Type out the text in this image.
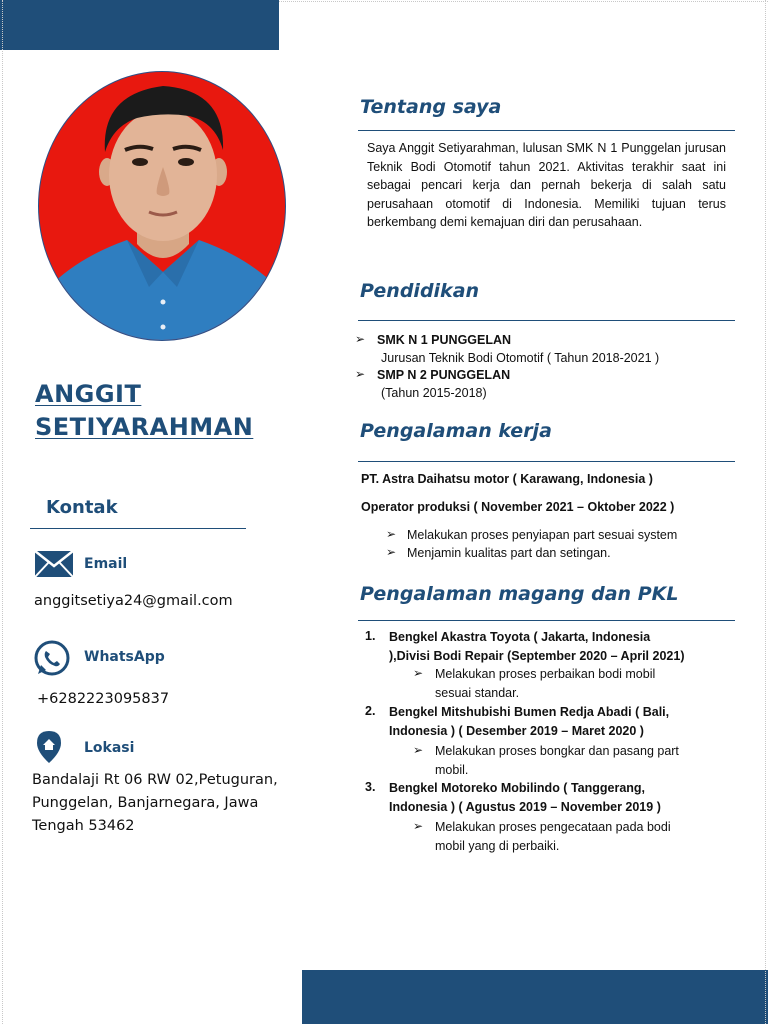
ANGGIT
SETIYARAHMAN
Kontak
Email
anggitsetiya24@gmail.com
WhatsApp
+6282223095837
Lokasi
Bandalaji Rt 06 RW 02,Petuguran,
Punggelan, Banjarnegara, Jawa
Tengah 53462
Tentang saya
Saya Anggit Setiyarahman, lulusan SMK N 1 Punggelan jurusan Teknik Bodi Otomotif tahun 2021. Aktivitas terakhir saat ini sebagai pencari kerja dan pernah bekerja di salah satu perusahaan otomotif di Indonesia. Memiliki tujuan terus berkembang demi kemajuan diri dan perusahaan.
Pendidikan
➢ SMK N 1 PUNGGELAN
Jurusan Teknik Bodi Otomotif ( Tahun 2018-2021 )
➢ SMP N 2 PUNGGELAN
(Tahun 2015-2018)
Pengalaman kerja
PT. Astra Daihatsu motor ( Karawang, Indonesia )
Operator produksi ( November 2021 – Oktober 2022 )
➢ Melakukan proses penyiapan part sesuai system
➢ Menjamin kualitas part dan setingan.
Pengalaman magang dan PKL
1. Bengkel Akastra Toyota ( Jakarta, Indonesia
),Divisi Bodi Repair (September 2020 – April 2021)
➢ Melakukan proses perbaikan bodi mobil
sesuai standar.
2. Bengkel Mitshubishi Bumen Redja Abadi ( Bali,
Indonesia ) ( Desember 2019 – Maret 2020 )
➢ Melakukan proses bongkar dan pasang part
mobil.
3. Bengkel Motoreko Mobilindo ( Tanggerang,
Indonesia ) ( Agustus 2019 – November 2019 )
➢ Melakukan proses pengecataan pada bodi
mobil yang di perbaiki.
